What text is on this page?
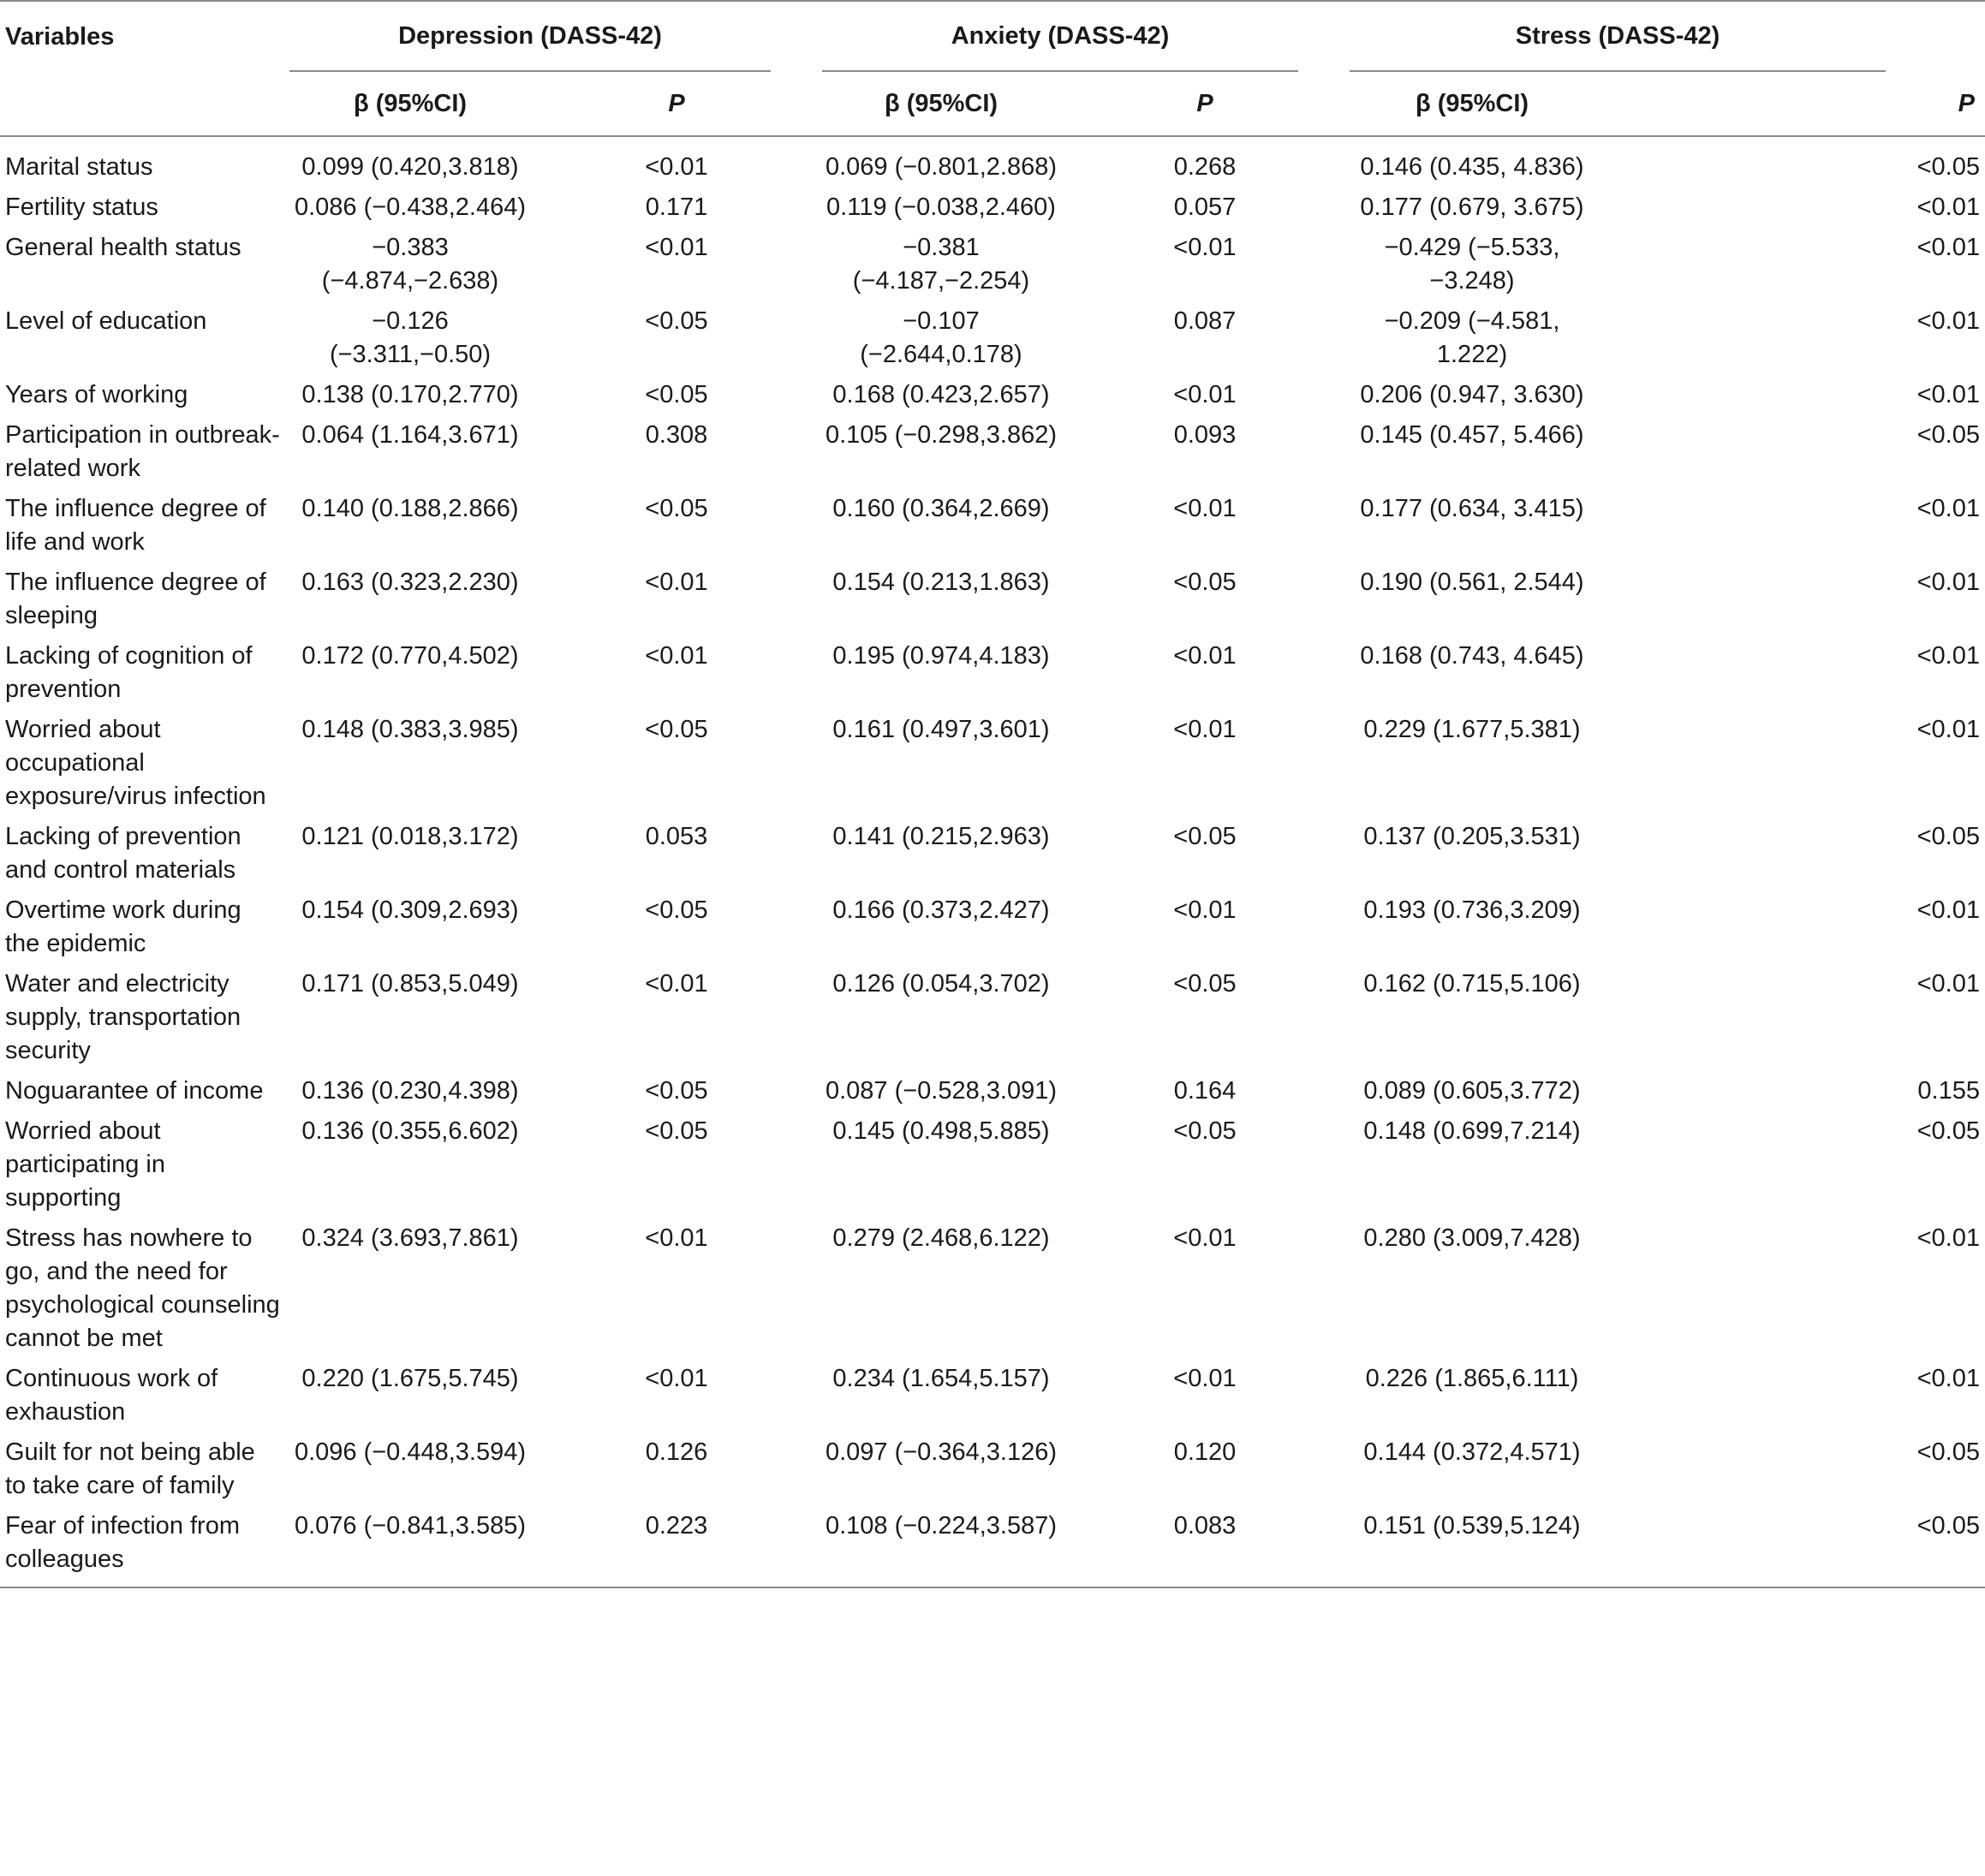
Variables	Depression (DASS-42)		Anxiety (DASS-42)		Stress (DASS-42)		

	β (95%CI)	P	β (95%CI)	P	β (95%CI)		P
Marital status	0.099 (0.420,3.818)	<0.01	0.069 (−0.801,2.868)	0.268	0.146 (0.435, 4.836)		<0.05
Fertility status	0.086 (−0.438,2.464)	0.171	0.119 (−0.038,2.460)	0.057	0.177 (0.679, 3.675)		<0.01
General health status	−0.383 (−4.874,−2.638)	<0.01	−0.381 (−4.187,−2.254)	<0.01	−0.429 (−5.533, −3.248)		<0.01
Level of education	−0.126 (−3.311,−0.50)	<0.05	−0.107 (−2.644,0.178)	0.087	−0.209 (−4.581, 1.222)		<0.01
Years of working	0.138 (0.170,2.770)	<0.05	0.168 (0.423,2.657)	<0.01	0.206 (0.947, 3.630)		<0.01
Participation in outbreak-related work	0.064 (1.164,3.671)	0.308	0.105 (−0.298,3.862)	0.093	0.145 (0.457, 5.466)		<0.05
The influence degree of life and work	0.140 (0.188,2.866)	<0.05	0.160 (0.364,2.669)	<0.01	0.177 (0.634, 3.415)		<0.01
The influence degree of sleeping	0.163 (0.323,2.230)	<0.01	0.154 (0.213,1.863)	<0.05	0.190 (0.561, 2.544)		<0.01
Lacking of cognition of prevention	0.172 (0.770,4.502)	<0.01	0.195 (0.974,4.183)	<0.01	0.168 (0.743, 4.645)		<0.01
Worried about occupational exposure/virus infection	0.148 (0.383,3.985)	<0.05	0.161 (0.497,3.601)	<0.01	0.229 (1.677,5.381)		<0.01
Lacking of prevention and control materials	0.121 (0.018,3.172)	0.053	0.141 (0.215,2.963)	<0.05	0.137 (0.205,3.531)		<0.05
Overtime work during the epidemic	0.154 (0.309,2.693)	<0.05	0.166 (0.373,2.427)	<0.01	0.193 (0.736,3.209)		<0.01
Water and electricity supply, transportation security	0.171 (0.853,5.049)	<0.01	0.126 (0.054,3.702)	<0.05	0.162 (0.715,5.106)		<0.01
Noguarantee of income	0.136 (0.230,4.398)	<0.05	0.087 (−0.528,3.091)	0.164	0.089 (0.605,3.772)		0.155
Worried about participating in supporting	0.136 (0.355,6.602)	<0.05	0.145 (0.498,5.885)	<0.05	0.148 (0.699,7.214)		<0.05
Stress has nowhere to go, and the need for psychological counseling cannot be met	0.324 (3.693,7.861)	<0.01	0.279 (2.468,6.122)	<0.01	0.280 (3.009,7.428)		<0.01
Continuous work of exhaustion	0.220 (1.675,5.745)	<0.01	0.234 (1.654,5.157)	<0.01	0.226 (1.865,6.111)		<0.01
Guilt for not being able to take care of family	0.096 (−0.448,3.594)	0.126	0.097 (−0.364,3.126)	0.120	0.144 (0.372,4.571)		<0.05
Fear of infection from colleagues	0.076 (−0.841,3.585)	0.223	0.108 (−0.224,3.587)	0.083	0.151 (0.539,5.124)		<0.05
